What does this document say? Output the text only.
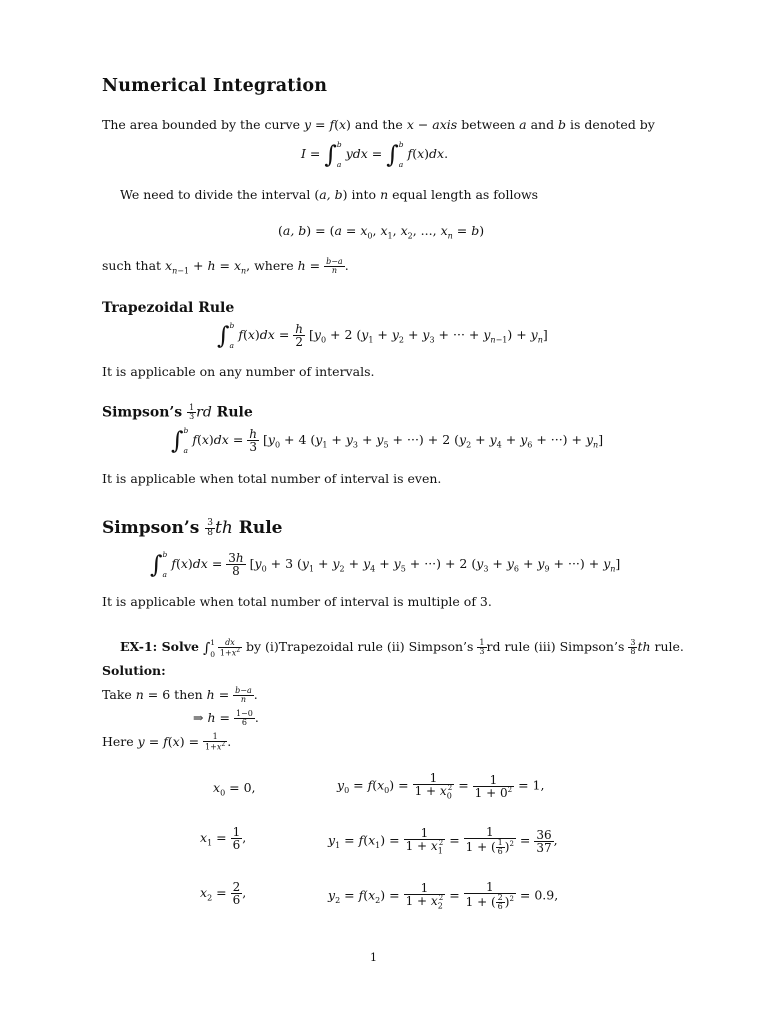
Numerical Integration
The area bounded by the curve y = f(x) and the x − axis between a and b is denoted by
I = ∫ b
a
ydx = ∫ b
a
f(x)dx.
We need to divide the interval (a, b) into n equal length as follows
(a, $b) = (a = x_0$, $x_1$, $x_2$, ..., $x_n = b$)
such that $x_{n-1} + h = x_n$, where $h = \frac{b-a}{n}$ .
Trapezoidal Rule
∫ b
a
$f(x)dx = \frac{h}{2} [y_0 + 2$ ($y_1 + y_2 + y_3$ + ··· + $y_{n-1}) + y_n$]
It is applicable on any number of intervals.
Simpson’s $\frac{1}{3}$ rd Rule
∫ b
a
$f(x)dx = \frac{h}{3} [y_0 + 4$ ($y_1 + y_3 + y_5$ + ···) + 2 ($y_2 + y_4 + y_6$ + ···) + $y_n$]
It is applicable when total number of interval is even.
Simpson’s $\frac{3}{8}$ th Rule
∫ b
a
$f(x)dx = \frac{3h}{8} [y_0 + 3$ ($y_1 + y_2 + y_4 + y_5$ + ···) + 2 ($y_3 + y_6 + y_9$ + ···) + $y_n$]
It is applicable when total number of interval is multiple of 3.
EX-1: Solve ∫ 1
0
$\frac{dx}{1+x^2}$ by (i)Trapezoidal rule (ii) Simpson’s $\frac{1}{3}$ rd rule (iii) Simpson’s $\frac{3}{8}$ th rule.
Solution:
Take n = 6 then $h = \frac{b-a}{n}$ .
⇒ $h = \frac{1-0}{6}$ .
Here $y = f(x) = \frac{1}{1+x^2}$ .
$x_0 = 0$,	$y_0 = f(x_0) = \frac{1}{1 + x_0^2} = \frac{1}{1 + 0^2} = 1$,
$x_1 = \frac{1}{6}$ ,	$y_1 = f(x_1) = \frac{1}{1 + x_1^2} = \frac{1}{1 + ( \frac{1}{6} )^2} = \frac{36}{37}$ ,
$x_2 = \frac{2}{6}$ ,	$y_2 = f(x_2) = \frac{1}{1 + x_2^2} = \frac{1}{1 + ( \frac{2}{6} )^2} = 0.9$,
1
